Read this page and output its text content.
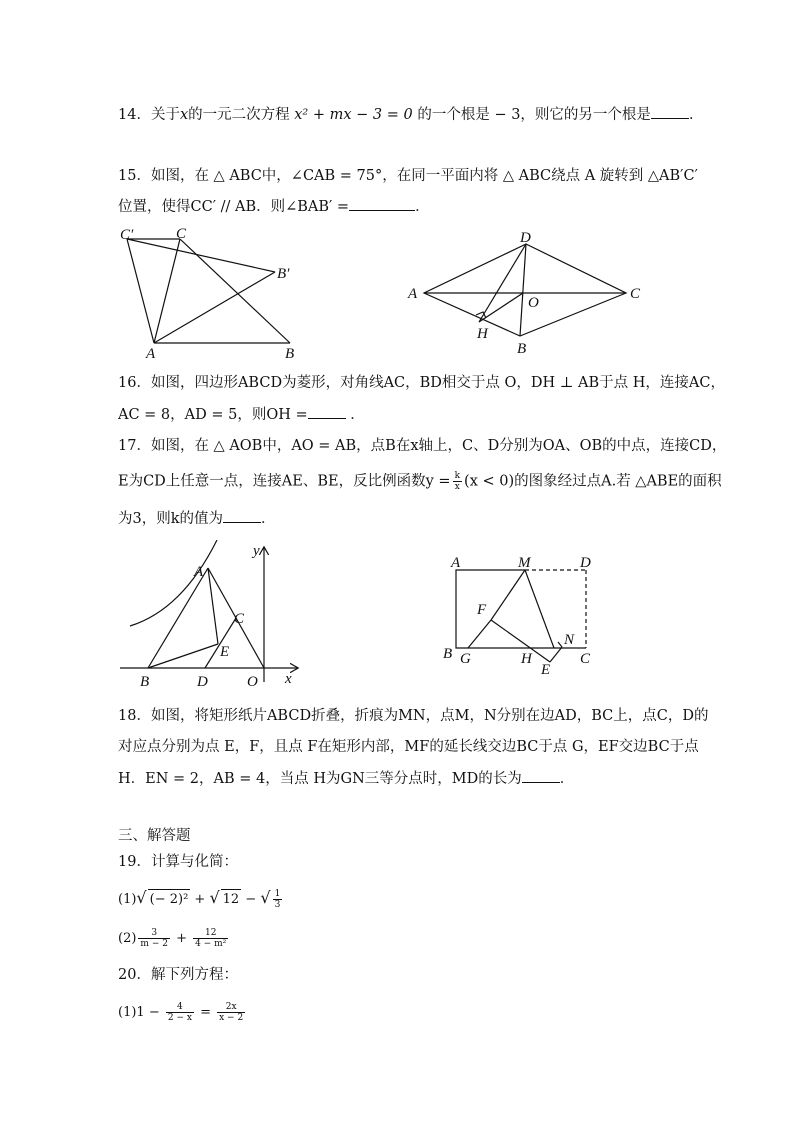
14．关于x的一元二次方程 x² + mx − 3 = 0 的一个根是 − 3，则它的另一个根是	．
15．如图，在 △ ABC中，∠CAB = 75°，在同一平面内将 △ ABC绕点 A 旋转到 △AB′C′
位置，使得CC′ // AB．则∠BAB′ =	．
C′	C
B′
A	B
D
A
O
C
H
B
16．如图，四边形ABCD为菱形，对角线AC，BD相交于点 O，DH ⊥ AB于点 H，连接AC，
AC = 8，AD = 5，则OH =	．
17．如图，在 △ AOB中，AO = AB，点B在x轴上，C、D分别为OA、OB的中点，连接CD，
E为CD上任意一点，连接AE、BE，反比例函数$y = \frac{k}{x} (x < 0)$的图象经过点A.若 △ABE的面积
为3，则k的值为	．
y
A
C
E
B	D	O x
A	M	D
F
N
B G	H	C
E
18．如图，将矩形纸片ABCD折叠，折痕为MN，点M，N分别在边AD，BC上，点C，D的
对应点分别为点 E，F，且点 F在矩形内部，MF的延长线交边BC于点 G，EF交边BC于点
H．EN = 2，AB = 4，当点 H为GN三等分点时，MD的长为	．
三、解答题
19．计算与化简：
(1)√ (− 2)² + √ 12 − √ $\frac{1}{3}$
$(2) \frac{3}{m - 2} + \frac{12}{\text{4 − m²}}$
20．解下列方程：
$(1)1 - \frac{4}{2 - x} = \frac{2x}{x - 2}$
